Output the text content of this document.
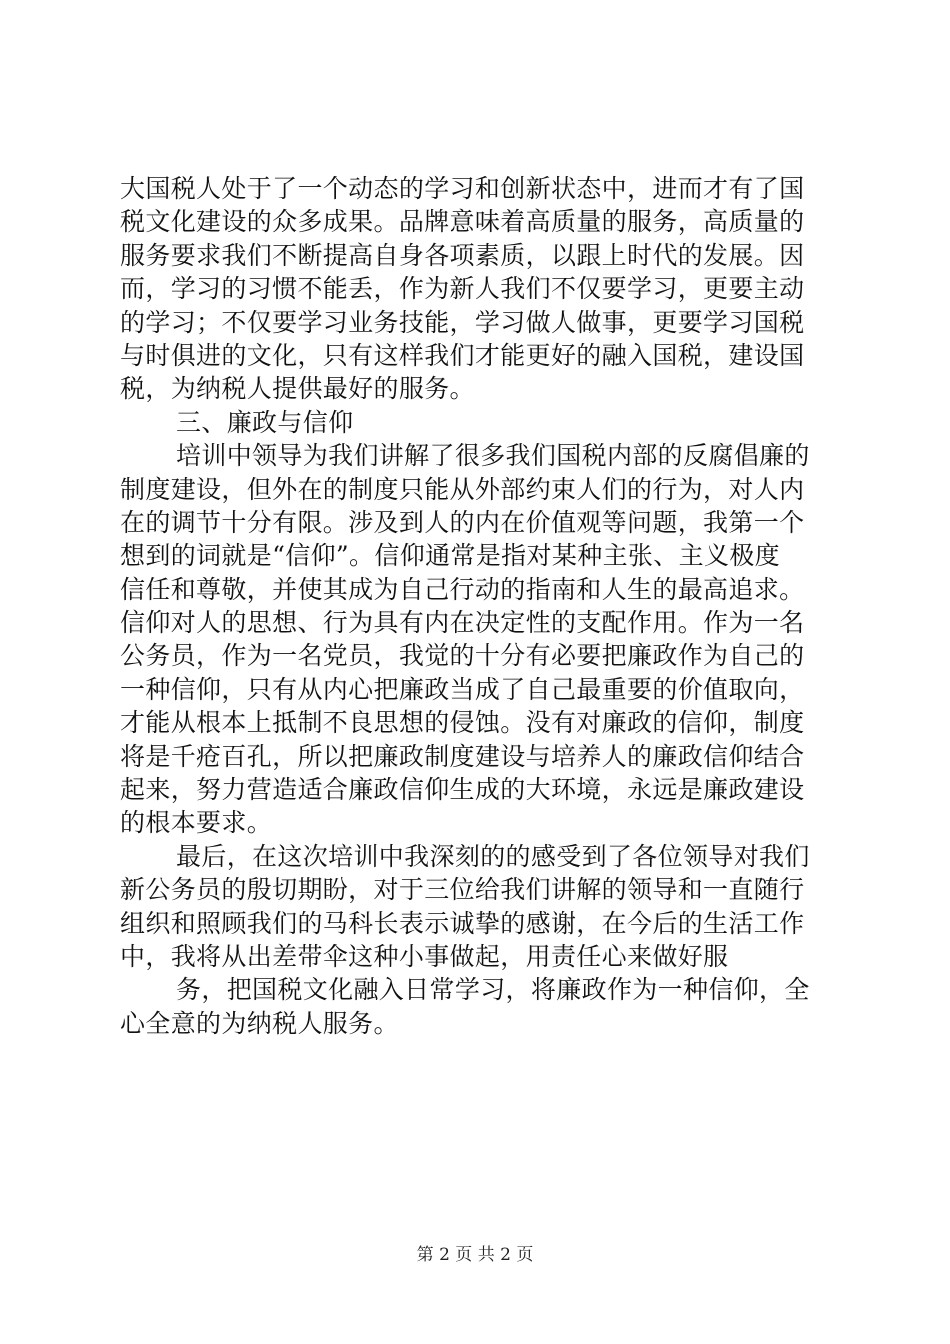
大国税人处于了一个动态的学习和创新状态中，进而才有了国
税文化建设的众多成果。品牌意味着高质量的服务，高质量的
服务要求我们不断提高自身各项素质，以跟上时代的发展。因
而，学习的习惯不能丢，作为新人我们不仅要学习，更要主动
的学习；不仅要学习业务技能，学习做人做事，更要学习国税
与时俱进的文化，只有这样我们才能更好的融入国税，建设国
税，为纳税人提供最好的服务。
三、廉政与信仰
培训中领导为我们讲解了很多我们国税内部的反腐倡廉的
制度建设，但外在的制度只能从外部约束人们的行为，对人内
在的调节十分有限。涉及到人的内在价值观等问题，我第一个
想到的词就是“信仰”。信仰通常是指对某种主张、主义极度
信任和尊敬，并使其成为自己行动的指南和人生的最高追求。
信仰对人的思想、行为具有内在决定性的支配作用。作为一名
公务员，作为一名党员，我觉的十分有必要把廉政作为自己的
一种信仰，只有从内心把廉政当成了自己最重要的价值取向，
才能从根本上抵制不良思想的侵蚀。没有对廉政的信仰，制度
将是千疮百孔，所以把廉政制度建设与培养人的廉政信仰结合
起来，努力营造适合廉政信仰生成的大环境，永远是廉政建设
的根本要求。
最后，在这次培训中我深刻的的感受到了各位领导对我们
新公务员的殷切期盼，对于三位给我们讲解的领导和一直随行
组织和照顾我们的马科长表示诚挚的感谢，在今后的生活工作
中，我将从出差带伞这种小事做起，用责任心来做好服
务，把国税文化融入日常学习，将廉政作为一种信仰，全
心全意的为纳税人服务。
第 2 页 共 2 页
